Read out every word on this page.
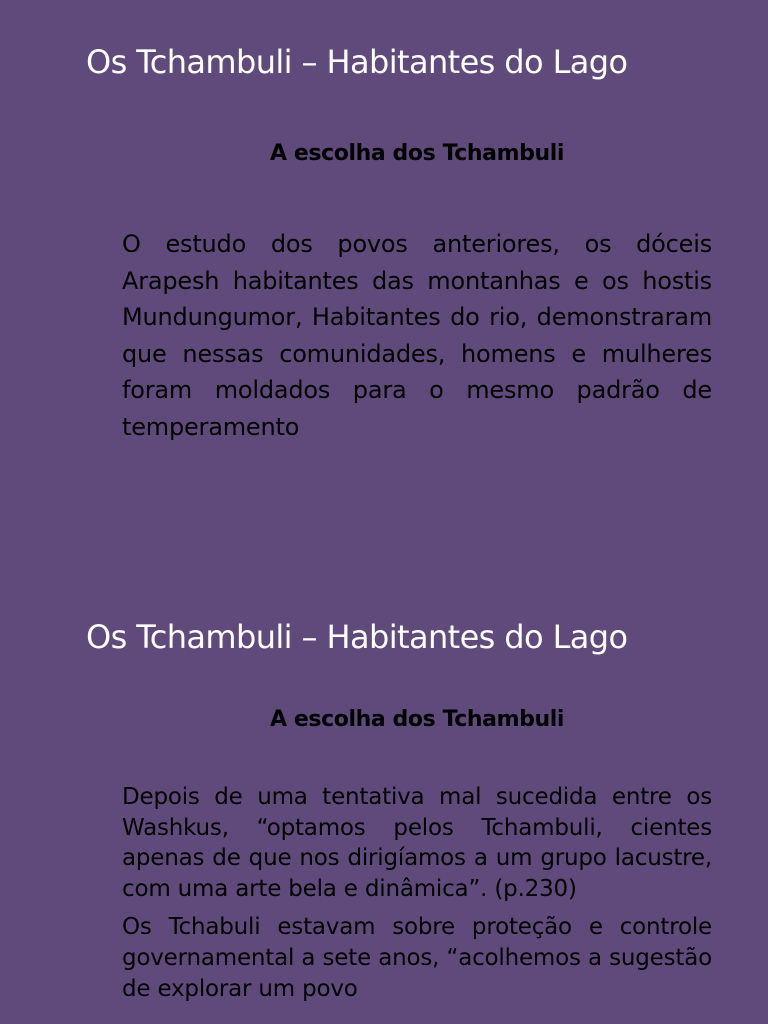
Os Tchambuli – Habitantes do Lago
A escolha dos Tchambuli

O estudo dos povos anteriores, os dóceis Arapesh habitantes das montanhas e os hostis Mundungumor, Habitantes do rio, demonstraram que nessas comunidades, homens e mulheres foram moldados para o mesmo padrão de temperamento

Os Tchambuli – Habitantes do Lago
A escolha dos Tchambuli

Depois de uma tentativa mal sucedida entre os Washkus, “optamos pelos Tchambuli, cientes apenas de que nos dirigíamos a um grupo lacustre, com uma arte bela e dinâmica”. (p.230)

Os Tchabuli estavam sobre proteção e controle governamental a sete anos, “acolhemos a sugestão de explorar um povo
